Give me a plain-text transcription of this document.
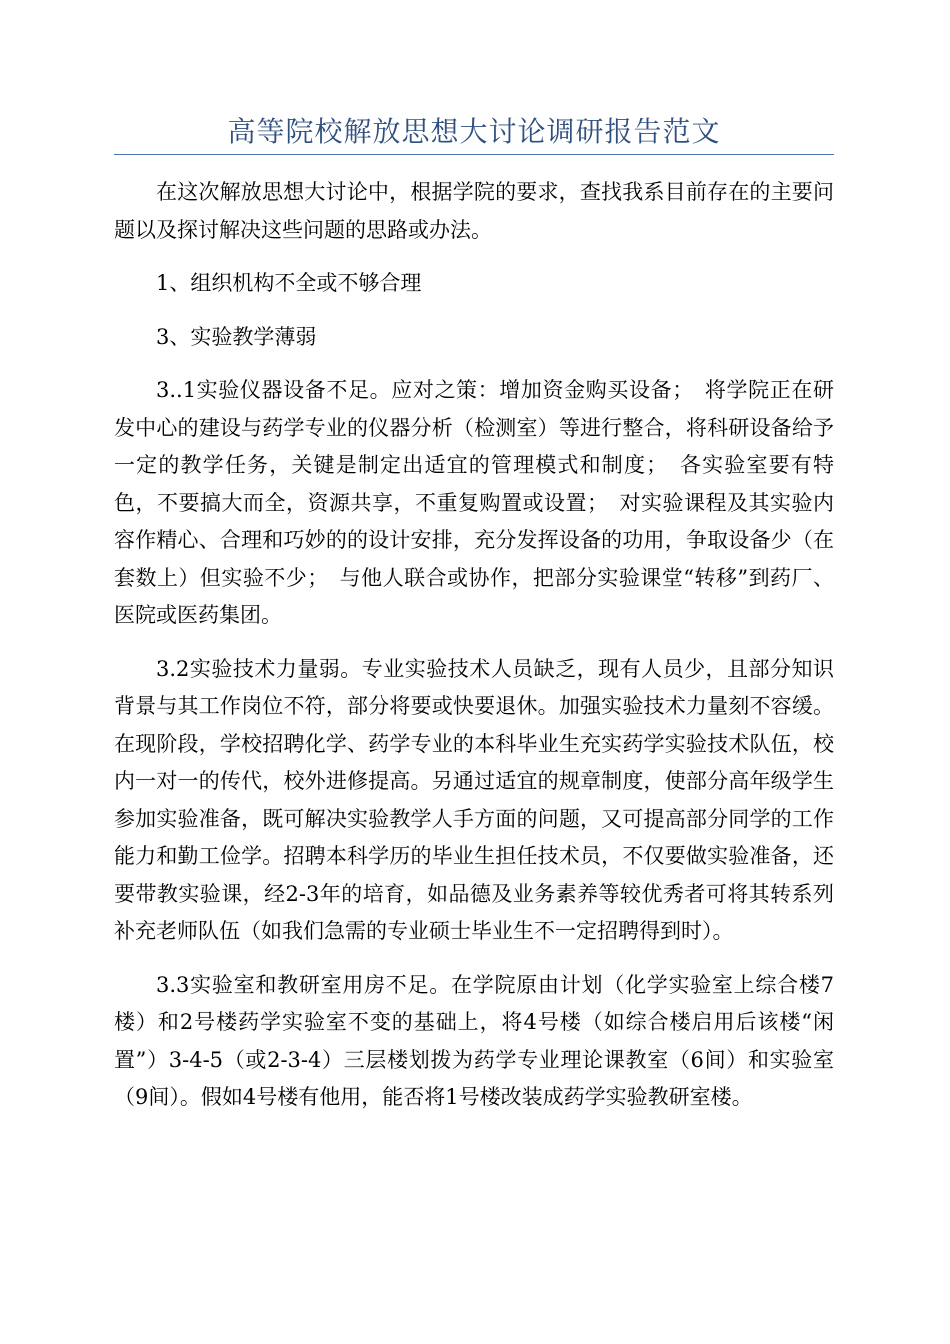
高等院校解放思想大讨论调研报告范文

在这次解放思想大讨论中，根据学院的要求，查找我系目前存在的主要问题以及探讨解决这些问题的思路或办法。

1、组织机构不全或不够合理

3、实验教学薄弱

3..1实验仪器设备不足。应对之策：增加资金购买设备；　将学院正在研发中心的建设与药学专业的仪器分析（检测室）等进行整合，将科研设备给予一定的教学任务，关键是制定出适宜的管理模式和制度；　各实验室要有特色，不要搞大而全，资源共享，不重复购置或设置；　对实验课程及其实验内容作精心、合理和巧妙的的设计安排，充分发挥设备的功用，争取设备少（在套数上）但实验不少；　与他人联合或协作，把部分实验课堂“转移”到药厂、医院或医药集团。

3.2实验技术力量弱。专业实验技术人员缺乏，现有人员少，且部分知识背景与其工作岗位不符，部分将要或快要退休。加强实验技术力量刻不容缓。在现阶段，学校招聘化学、药学专业的本科毕业生充实药学实验技术队伍，校内一对一的传代，校外进修提高。另通过适宜的规章制度，使部分高年级学生参加实验准备，既可解决实验教学人手方面的问题，又可提高部分同学的工作能力和勤工俭学。招聘本科学历的毕业生担任技术员，不仅要做实验准备，还要带教实验课，经2-3年的培育，如品德及业务素养等较优秀者可将其转系列补充老师队伍（如我们急需的专业硕士毕业生不一定招聘得到时）。

3.3实验室和教研室用房不足。在学院原由计划（化学实验室上综合楼7楼）和2号楼药学实验室不变的基础上，将4号楼（如综合楼启用后该楼“闲置”）3-4-5（或2-3-4）三层楼划拨为药学专业理论课教室（6间）和实验室（9间）。假如4号楼有他用，能否将1号楼改装成药学实验教研室楼。
